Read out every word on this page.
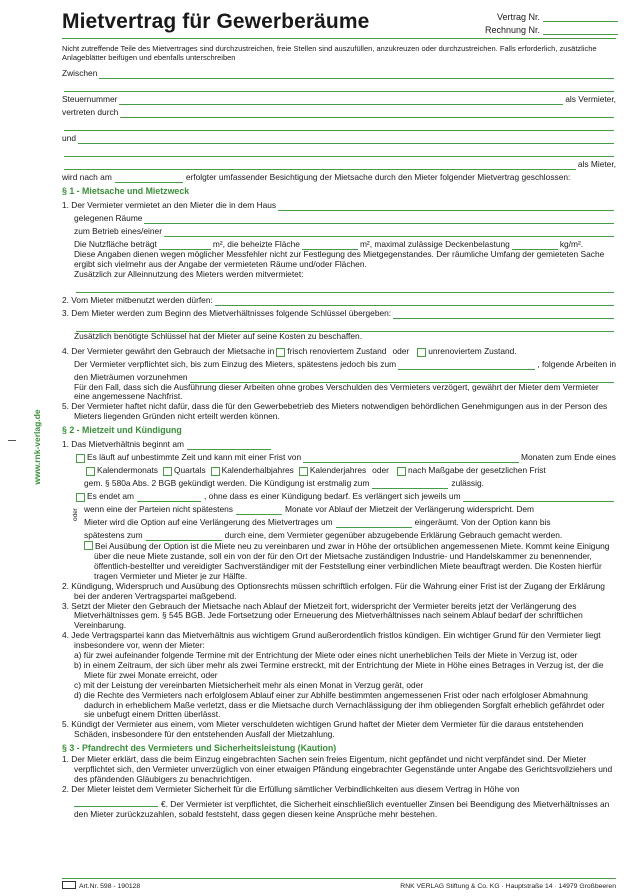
Mietvertrag für Gewerberäume	Vertrag Nr.
Rechnung Nr.

Nicht zutreffende Teile des Mietvertrages sind durchzustreichen, freie Stellen sind auszufüllen, anzukreuzen oder durchzustreichen. Falls erforderlich, zusätzliche Anlageblätter beifügen und ebenfalls unterschreiben

Zwischen
Steuernummer	als Vermieter,
vertreten durch
und
als Mieter,
wird nach am	erfolgter umfassender Besichtigung der Mietsache durch den Mieter folgender Mietvertrag geschlossen:
§ 1 - Mietsache und Mietzweck
1. Der Vermieter vermietet an den Mieter die in dem Haus
gelegenen Räume
zum Betrieb eines/einer
Die Nutzfläche beträgt	m², die beheizte Fläche	m², maximal zulässige Deckenbelastung	kg/m².

Diese Angaben dienen wegen möglicher Messfehler nicht zur Festlegung des Mietgegenstandes. Der räumliche Umfang der gemieteten Sache ergibt sich vielmehr aus der Angabe der vermieteten Räume und/oder Flächen.

Zusätzlich zur Alleinnutzung des Mieters werden mitvermietet:

2. Vom Mieter mitbenutzt werden dürfen:
3. Dem Mieter werden zum Beginn des Mietverhältnisses folgende Schlüssel übergeben:

Zusätzlich benötigte Schlüssel hat der Mieter auf seine Kosten zu beschaffen.

4. Der Vermieter gewährt den Gebrauch der Mietsache in frisch renoviertem Zustand oder unrenoviertem Zustand.
Der Vermieter verpflichtet sich, bis zum Einzug des Mieters, spätestens jedoch bis zum	, folgende Arbeiten in
den Mieträumen vorzunehmen

Für den Fall, dass sich die Ausführung dieser Arbeiten ohne grobes Verschulden des Vermieters verzögert, gewährt der Mieter dem Vermieter eine angemessene Nachfrist.

5. Der Vermieter haftet nicht dafür, dass die für den Gewerbebetrieb des Mieters notwendigen behördlichen Genehmigungen aus in der Person des Mieters liegenden Gründen nicht erteilt werden können.

§ 2 - Mietzeit und Kündigung
1. Das Mietverhältnis beginnt am
Es läuft auf unbestimmte Zeit und kann mit einer Frist von	Monaten zum Ende eines
Kalendermonats Quartals Kalenderhalbjahres Kalenderjahres oder nach Maßgabe der gesetzlichen Frist
gem. § 580a Abs. 2 BGB gekündigt werden. Die Kündigung ist erstmalig zum	zulässig.
Es endet am	, ohne dass es einer Kündigung bedarf. Es verlängert sich jeweils um
wenn eine der Parteien nicht spätestens	Monate vor Ablauf der Mietzeit der Verlängerung widerspricht. Dem
Mieter wird die Option auf eine Verlängerung des Mietvertrages um	eingeräumt. Von der Option kann bis
spätestens zum	durch eine, dem Vermieter gegenüber abzugebende Erklärung Gebrauch gemacht werden.
Bei Ausübung der Option ist die Miete neu zu vereinbaren und zwar in Höhe der ortsüblichen angemessenen Miete. Kommt keine Einigung über die neue Miete zustande, soll ein von der für den Ort der Mietsache zuständigen Industrie- und Handelskammer zu benennender, öffentlich-bestellter und vereidigter Sachverständiger mit der Feststellung einer verbindlichen Miete beauftragt werden. Die Kosten hierfür tragen Vermieter und Mieter je zur Hälfte.

2. Kündigung, Widerspruch und Ausübung des Optionsrechts müssen schriftlich erfolgen. Für die Wahrung einer Frist ist der Zugang der Erklärung bei der anderen Vertragspartei maßgebend.

3. Setzt der Mieter den Gebrauch der Mietsache nach Ablauf der Mietzeit fort, widerspricht der Vermieter bereits jetzt der Verlängerung des Mietverhältnisses gem. § 545 BGB. Jede Fortsetzung oder Erneuerung des Mietverhältnisses nach seinem Ablauf bedarf der schriftlichen Vereinbarung.

4. Jede Vertragspartei kann das Mietverhältnis aus wichtigem Grund außerordentlich fristlos kündigen. Ein wichtiger Grund für den Vermieter liegt insbesondere vor, wenn der Mieter:

a) für zwei aufeinander folgende Termine mit der Entrichtung der Miete oder eines nicht unerheblichen Teils der Miete in Verzug ist, oder

b) in einem Zeitraum, der sich über mehr als zwei Termine erstreckt, mit der Entrichtung der Miete in Höhe eines Betrages in Verzug ist, der die Miete für zwei Monate erreicht, oder

c) mit der Leistung der vereinbarten Mietsicherheit mehr als einen Monat in Verzug gerät, oder

d) die Rechte des Vermieters nach erfolglosem Ablauf einer zur Abhilfe bestimmten angemessenen Frist oder nach erfolgloser Abmahnung dadurch in erheblichem Maße verletzt, dass er die Mietsache durch Vernachlässigung der ihm obliegenden Sorgfalt erheblich gefährdet oder sie unbefugt einem Dritten überlässt.

5. Kündigt der Vermieter aus einem, vom Mieter verschuldeten wichtigen Grund haftet der Mieter dem Vermieter für die daraus entstehenden Schäden, insbesondere für den entstehenden Ausfall der Mietzahlung.

§ 3 - Pfandrecht des Vermieters und Sicherheitsleistung (Kaution)

1. Der Mieter erklärt, dass die beim Einzug eingebrachten Sachen sein freies Eigentum, nicht gepfändet und nicht verpfändet sind. Der Mieter verpflichtet sich, den Vermieter unverzüglich von einer etwaigen Pfändung eingebrachter Gegenstände unter Angabe des Gerichtsvollziehers und des pfändenden Gläubigers zu benachrichtigen.

2. Der Mieter leistet dem Vermieter Sicherheit für die Erfüllung sämtlicher Verbindlichkeiten aus diesem Vertrag in Höhe von

€. Der Vermieter ist verpflichtet, die Sicherheit einschließlich eventueller Zinsen bei Beendigung des Mietverhältnisses an den Mieter zurückzuzahlen, sobald feststeht, dass gegen diesen keine Ansprüche mehr bestehen.
www.rnk-verlag.de
oder
Art.Nr. 598 - 190128	RNK VERLAG Stiftung & Co. KG · Hauptstraße 14 · 14979 Großbeeren
